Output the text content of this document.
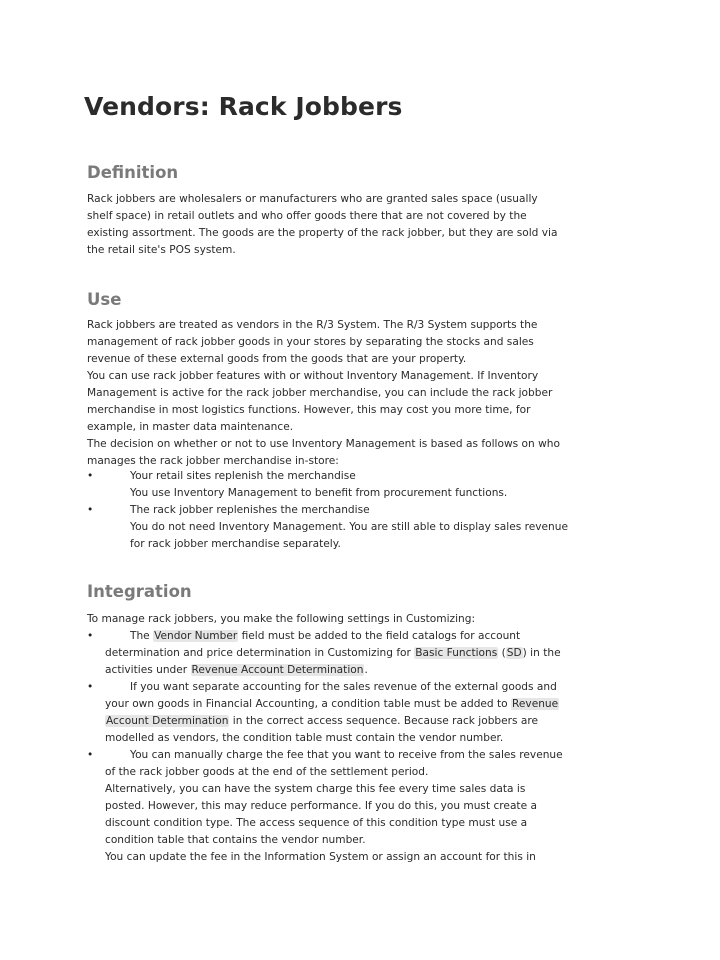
Vendors: Rack Jobbers
Definition
Rack jobbers are wholesalers or manufacturers who are granted sales space (usually
shelf space) in retail outlets and who offer goods there that are not covered by the
existing assortment. The goods are the property of the rack jobber, but they are sold via
the retail site's POS system.
Use
Rack jobbers are treated as vendors in the R/3 System. The R/3 System supports the
management of rack jobber goods in your stores by separating the stocks and sales
revenue of these external goods from the goods that are your property.
You can use rack jobber features with or without Inventory Management. If Inventory
Management is active for the rack jobber merchandise, you can include the rack jobber
merchandise in most logistics functions. However, this may cost you more time, for
example, in master data maintenance.
The decision on whether or not to use Inventory Management is based as follows on who
manages the rack jobber merchandise in-store:
•	Your retail sites replenish the merchandise
You use Inventory Management to benefit from procurement functions.
•	The rack jobber replenishes the merchandise
You do not need Inventory Management. You are still able to display sales revenue
for rack jobber merchandise separately.
Integration
To manage rack jobbers, you make the following settings in Customizing:
•	The Vendor Number field must be added to the field catalogs for account
determination and price determination in Customizing for Basic Functions (SD) in the
activities under Revenue Account Determination.
•	If you want separate accounting for the sales revenue of the external goods and
your own goods in Financial Accounting, a condition table must be added to Revenue
Account Determination in the correct access sequence. Because rack jobbers are
modelled as vendors, the condition table must contain the vendor number.
•	You can manually charge the fee that you want to receive from the sales revenue
of the rack jobber goods at the end of the settlement period.
Alternatively, you can have the system charge this fee every time sales data is
posted. However, this may reduce performance. If you do this, you must create a
discount condition type. The access sequence of this condition type must use a
condition table that contains the vendor number.
You can update the fee in the Information System or assign an account for this in
